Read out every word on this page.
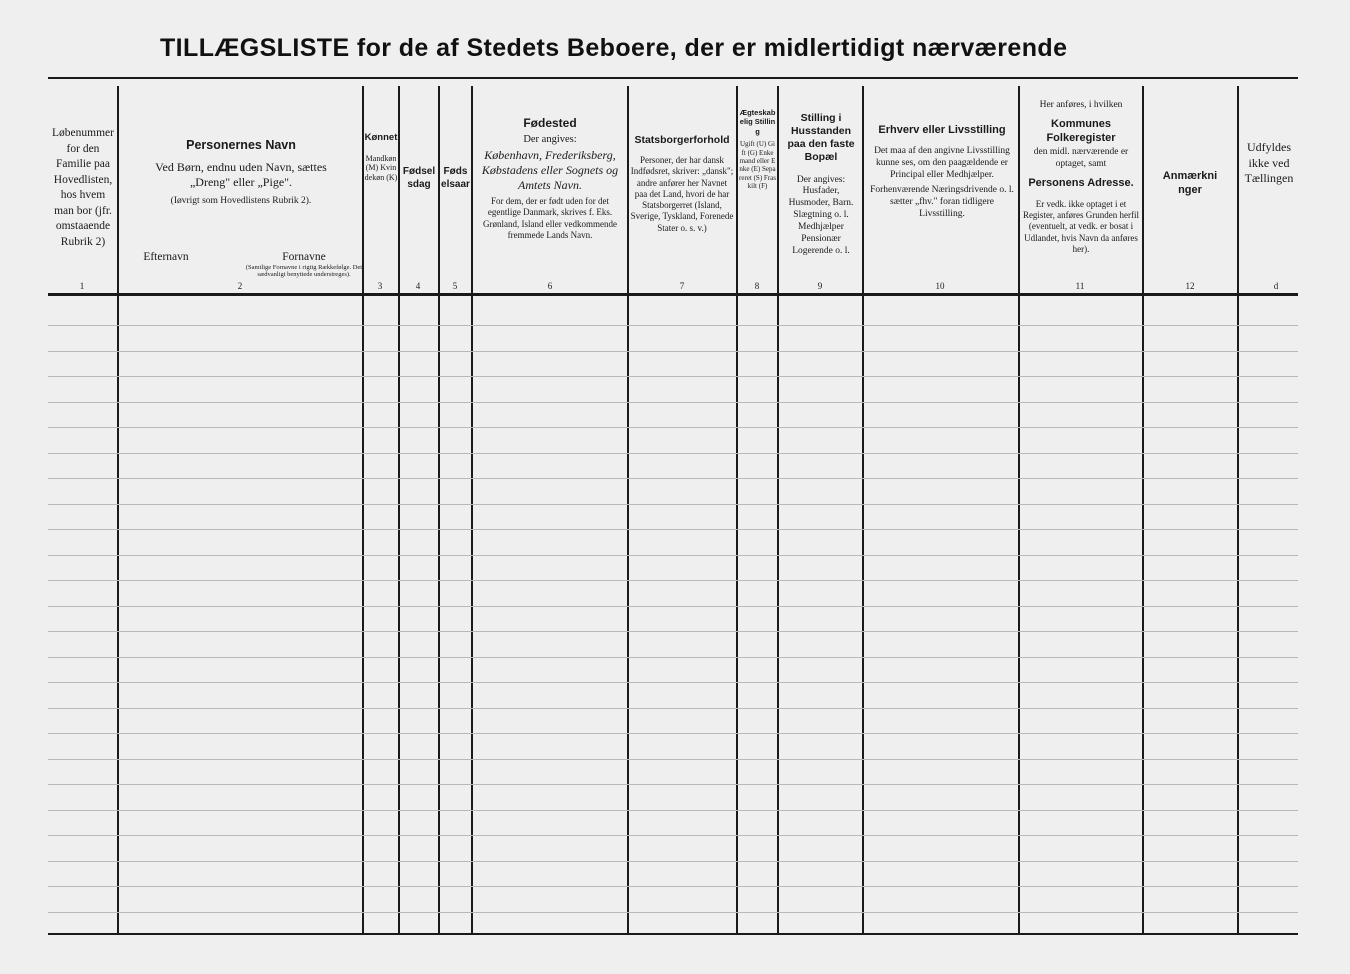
TILLÆGSLISTE for de af Stedets Beboere, der er midlertidigt nærværende
Løbenummer for den Familie paa Hovedlisten, hos hvem man bor (jfr. omstaaende Rubrik 2)
Personernes Navn
Ved Børn, endnu uden Navn, sættes
„Dreng" eller „Pige".
(Iøvrigt som Hovedlistens Rubrik 2).
Efternavn	Fornavne
(Samtlige Fornavne i rigtig Rækkefølge. Det sædvanligt benyttede understreges).
Kønnet
Mandkøn (M) Kvindekøn (K)
Fødselsdag
Fødselsaar
Fødested
Der angives:
København, Frederiksberg, Købstadens eller Sognets og Amtets Navn.
For dem, der er født uden for det egentlige Danmark, skrives f. Eks. Grønland, Island eller vedkommende fremmede Lands Navn.
Statsborgerforhold
Personer, der har dansk Indfødsret, skriver: „dansk"; andre anfører her Navnet paa det Land, hvori de har Statsborgerret (Island, Sverige, Tyskland, Forenede Stater o. s. v.)
Ægteskabelig Stilling
Ugift (U) Gift (G) Enkemand eller Enke (E) Separeret (S) Fraskilt (F)
Stilling i Husstanden paa den faste Bopæl
Der angives: Husfader, Husmoder, Barn. Slægtning o. l. Medhjælper Pensionær Logerende o. l.
Erhverv eller Livsstilling
Det maa af den angivne Livsstilling kunne ses, om den paagældende er Principal eller Medhjælper.
Forhenværende Næringsdrivende o. l. sætter „fhv." foran tidligere Livsstilling.
Her anføres, i hvilken
Kommunes Folkeregister
den midl. nærværende er optaget, samt
Personens Adresse.
Er vedk. ikke optaget i et Register, anføres Grunden herfil (eventuelt, at vedk. er bosat i Udlandet, hvis Navn da anføres her).
Anmærkninger
Udfyldes ikke ved Tællingen
1	2	3	4	5	6	7	8	9	10	11	12	d
